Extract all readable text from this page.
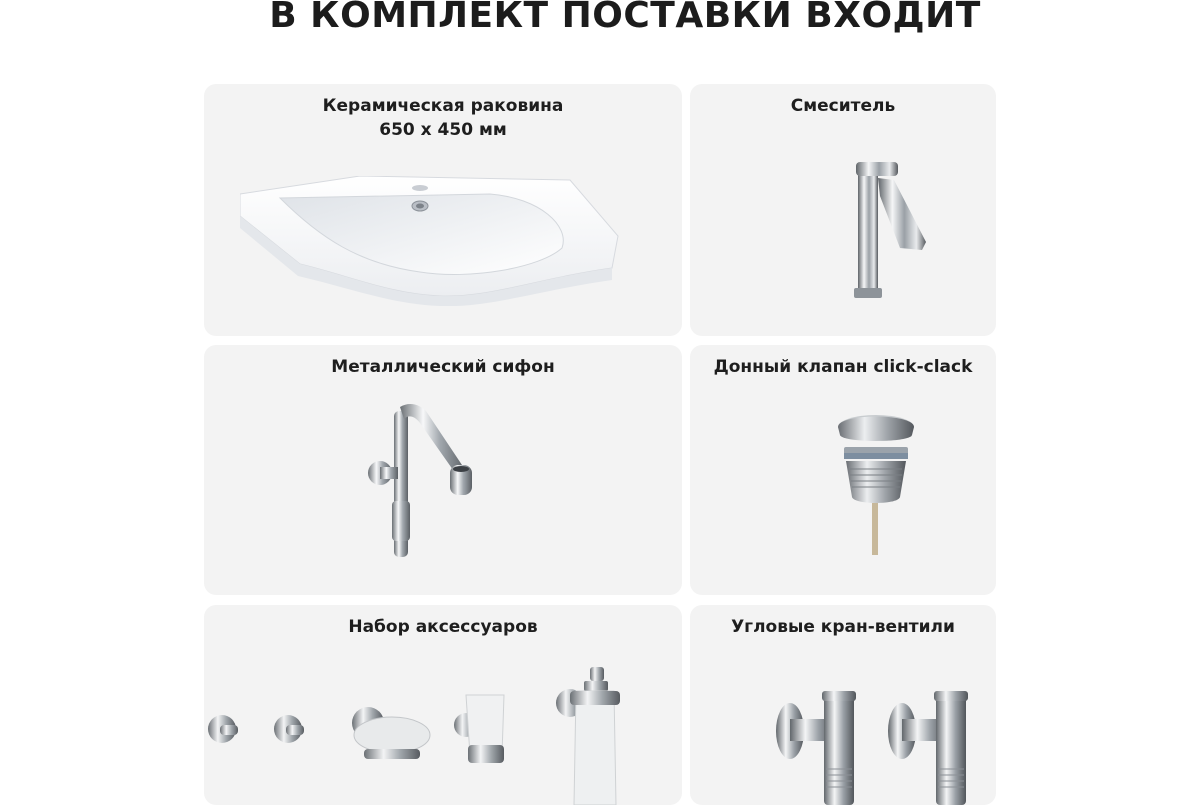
В КОМПЛЕКТ ПОСТАВКИ ВХОДИТ
Керамическая раковина
650 x 450 мм
Смеситель
Металлический сифон	Донный клапан click-clack
Набор аксессуаров	Угловые кран-вентили
